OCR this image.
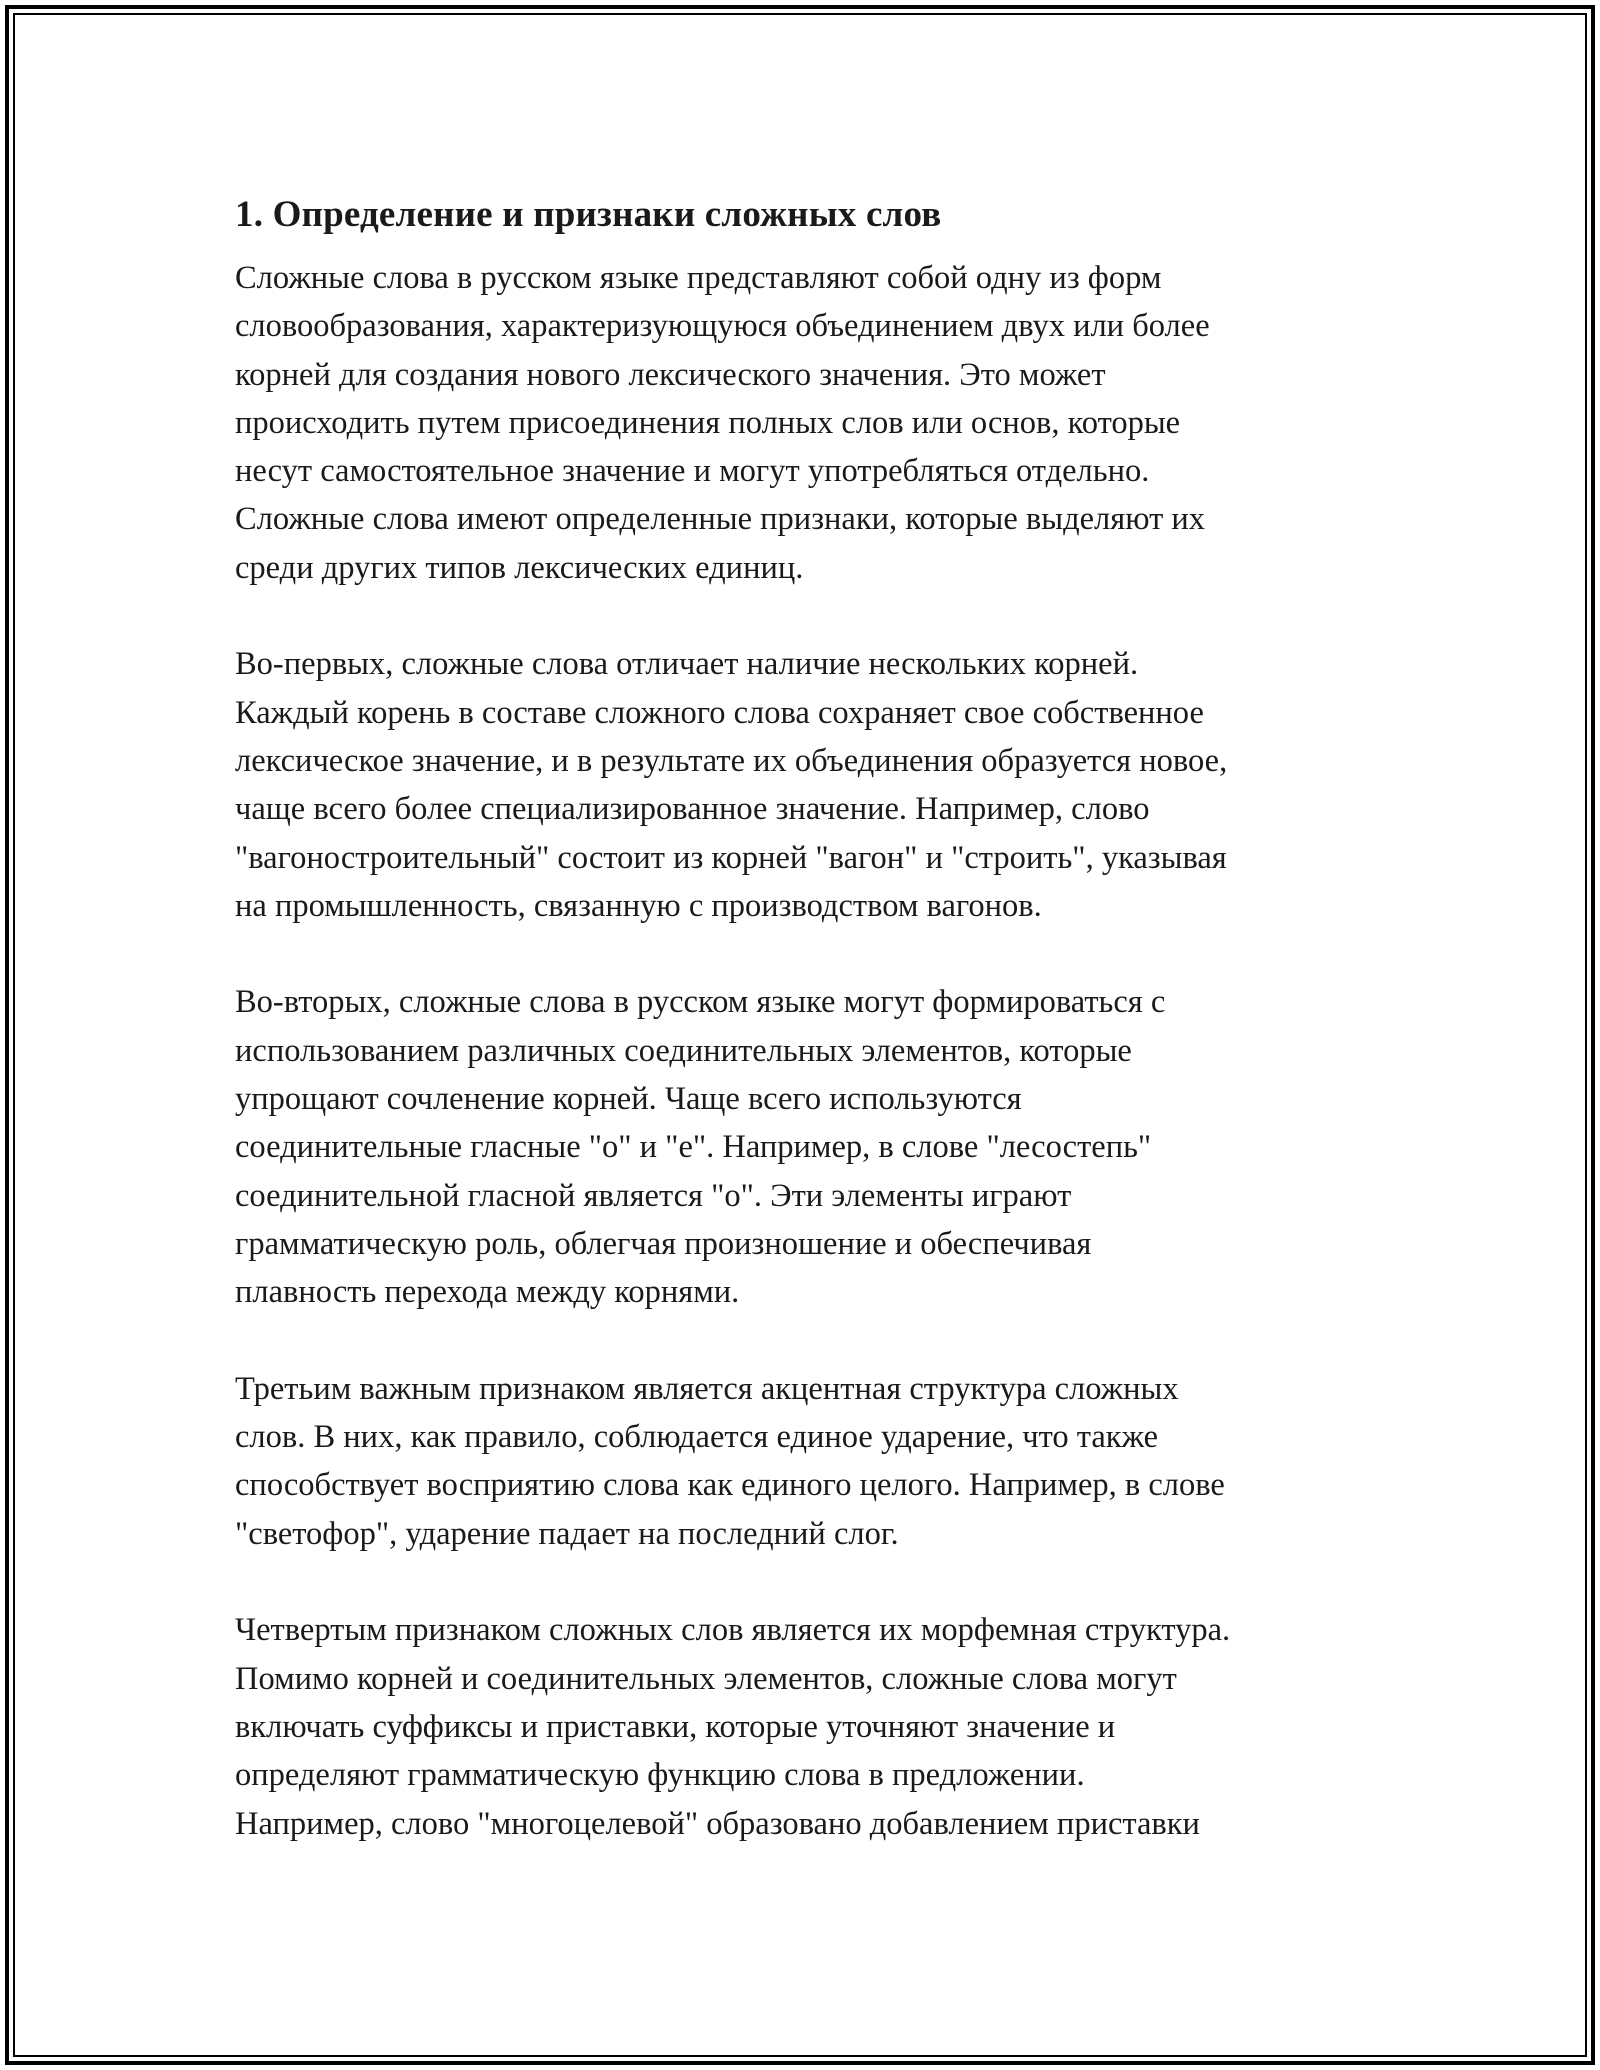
1. Определение и признаки сложных слов

Сложные слова в русском языке представляют собой одну из форм
словообразования, характеризующуюся объединением двух или более
корней для создания нового лексического значения. Это может
происходить путем присоединения полных слов или основ, которые
несут самостоятельное значение и могут употребляться отдельно.
Сложные слова имеют определенные признаки, которые выделяют их
среди других типов лексических единиц.

Во-первых, сложные слова отличает наличие нескольких корней.
Каждый корень в составе сложного слова сохраняет свое собственное
лексическое значение, и в результате их объединения образуется новое,
чаще всего более специализированное значение. Например, слово
"вагоностроительный" состоит из корней "вагон" и "строить", указывая
на промышленность, связанную с производством вагонов.

Во-вторых, сложные слова в русском языке могут формироваться с
использованием различных соединительных элементов, которые
упрощают сочленение корней. Чаще всего используются
соединительные гласные "о" и "е". Например, в слове "лесостепь"
соединительной гласной является "о". Эти элементы играют
грамматическую роль, облегчая произношение и обеспечивая
плавность перехода между корнями.

Третьим важным признаком является акцентная структура сложных
слов. В них, как правило, соблюдается единое ударение, что также
способствует восприятию слова как единого целого. Например, в слове
"светофор", ударение падает на последний слог.

Четвертым признаком сложных слов является их морфемная структура.
Помимо корней и соединительных элементов, сложные слова могут
включать суффиксы и приставки, которые уточняют значение и
определяют грамматическую функцию слова в предложении.
Например, слово "многоцелевой" образовано добавлением приставки
